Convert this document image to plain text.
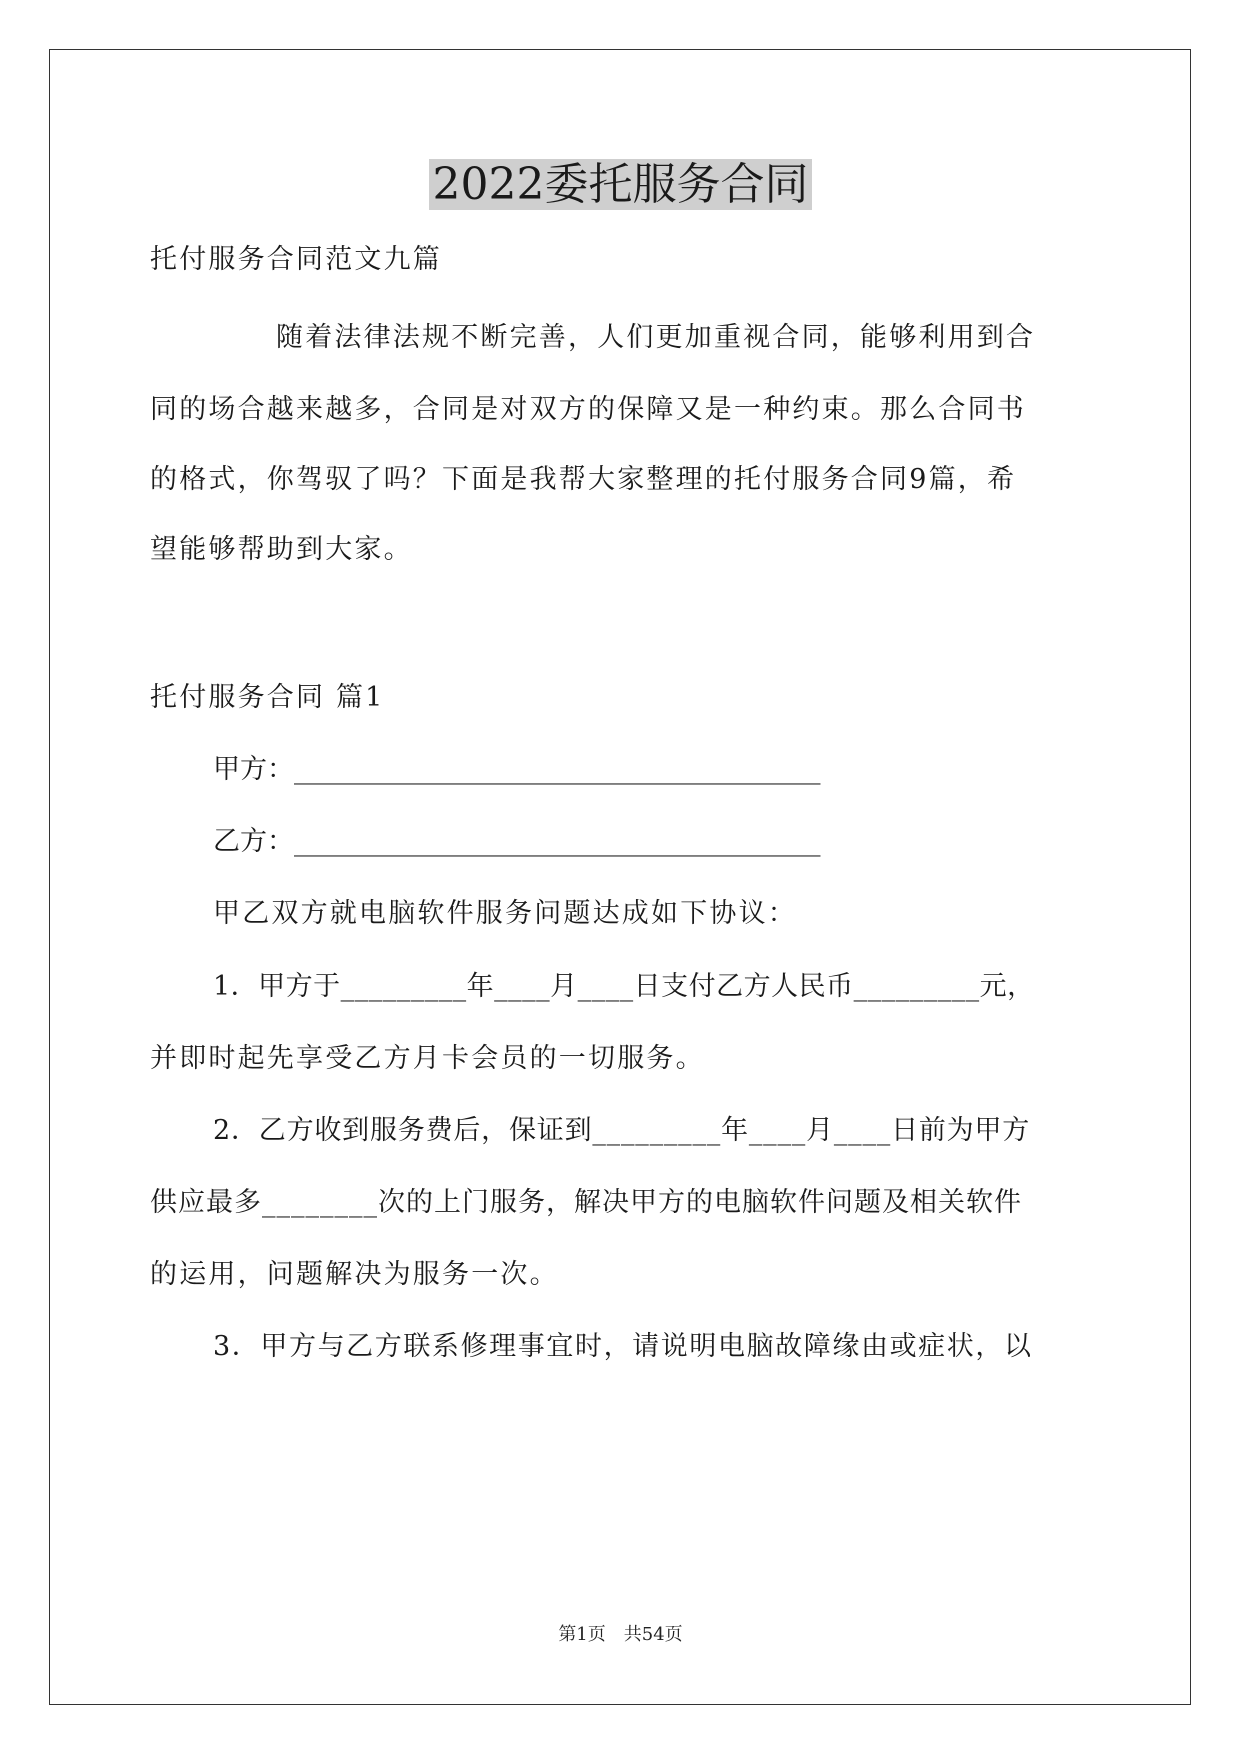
2022委托服务合同

托付服务合同范文九篇

随着法律法规不断完善，人们更加重视合同，能够利用到合

同的场合越来越多，合同是对双方的保障又是一种约束。那么合同书

的格式，你驾驭了吗？下面是我帮大家整理的托付服务合同9篇，希

望能够帮助到大家。

托付服务合同 篇1

甲方：_______________________________________

乙方：_______________________________________

甲乙双方就电脑软件服务问题达成如下协议：

1．甲方于_________年____月____日支付乙方人民币_________元，

并即时起先享受乙方月卡会员的一切服务。

2．乙方收到服务费后，保证到_________年____月____日前为甲方

供应最多________次的上门服务，解决甲方的电脑软件问题及相关软件

的运用，问题解决为服务一次。

3．甲方与乙方联系修理事宜时，请说明电脑故障缘由或症状，以

第1页　共54页
